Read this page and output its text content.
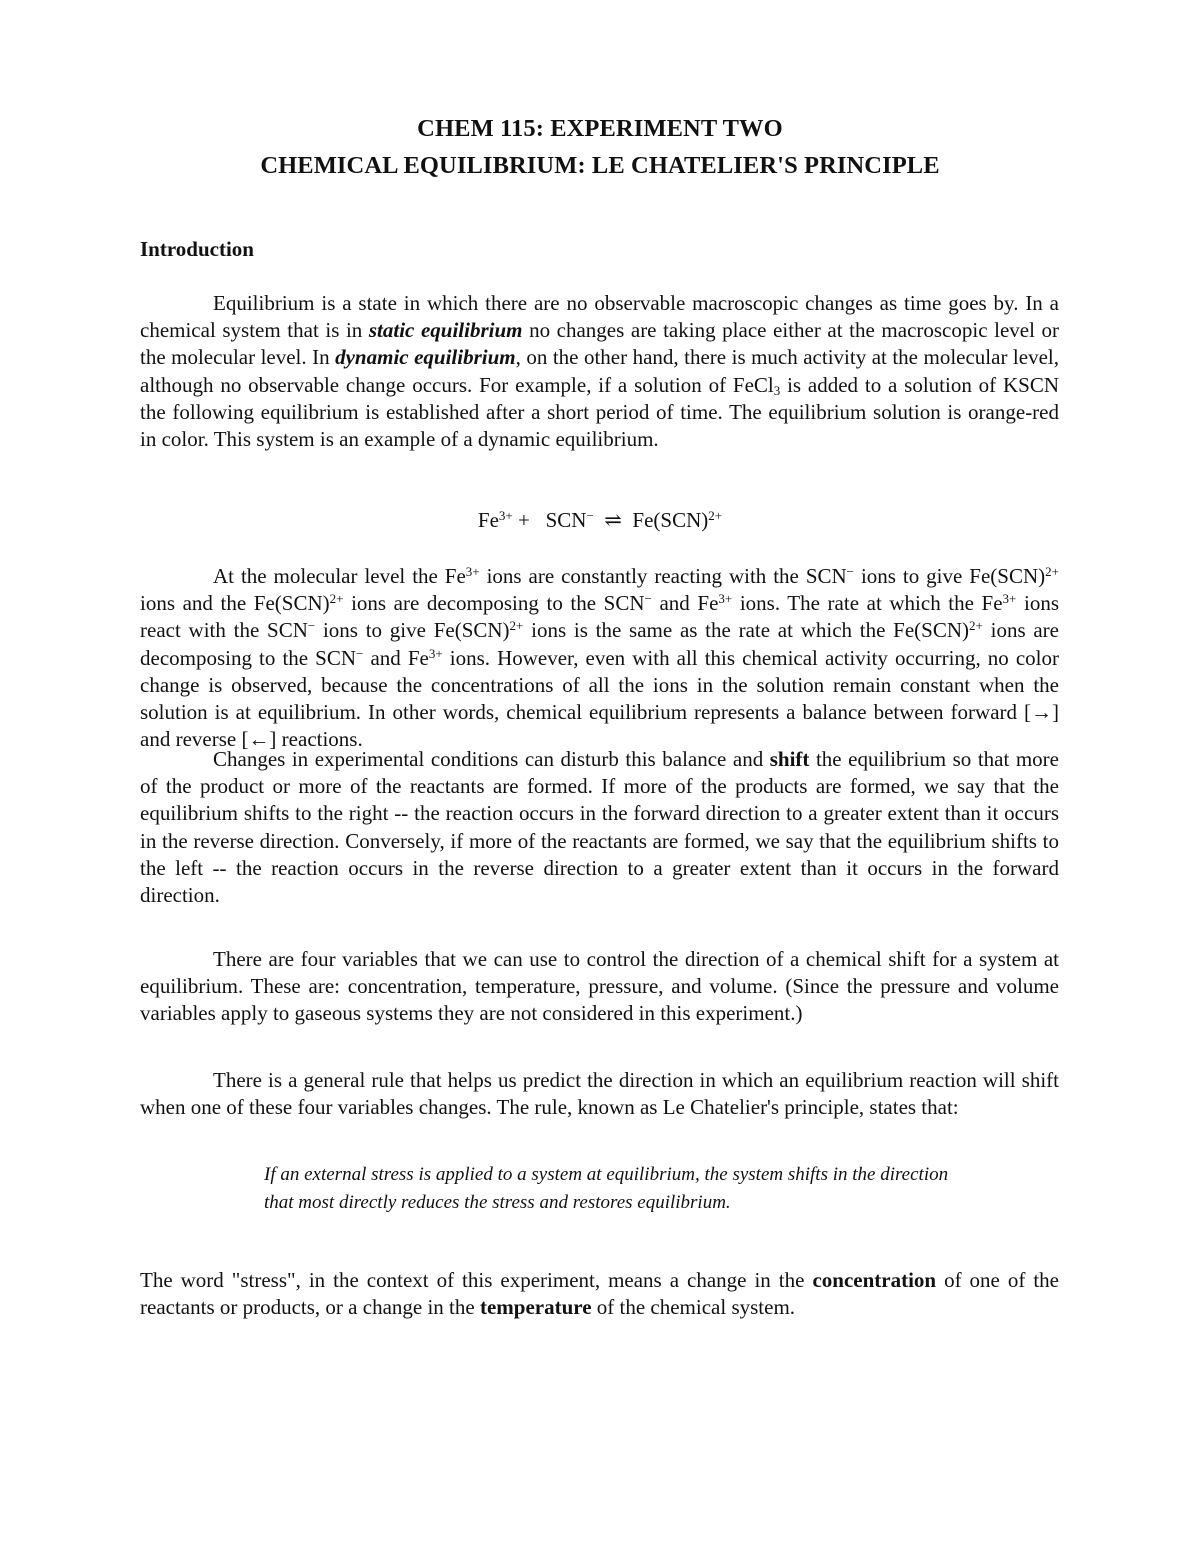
CHEM 115: EXPERIMENT TWO
CHEMICAL EQUILIBRIUM: LE CHATELIER'S PRINCIPLE
Introduction

Equilibrium is a state in which there are no observable macroscopic changes as time goes by. In a chemical system that is in static equilibrium no changes are taking place either at the macroscopic level or the molecular level. In dynamic equilibrium, on the other hand, there is much activity at the molecular level, although no observable change occurs. For example, if a solution of FeCl$_3$ is added to a solution of KSCN the following equilibrium is established after a short period of time. The equilibrium solution is orange-red in color. This system is an example of a dynamic equilibrium.

$Fe^{3+} + SCN^-$  ⇌  Fe(SCN)$^{2+}$

At the molecular level the $Fe^{3+}$ ions are constantly reacting with the SCN− ions to give Fe(SCN)$^{2+}$ ions and the Fe(SCN)$^{2+}$ ions are decomposing to the SCN− and $Fe^{3+}$ ions. The rate at which the $Fe^{3+}$ ions react with the SCN− ions to give Fe(SCN)$^{2+}$ ions is the same as the rate at which the Fe(SCN)$^{2+}$ ions are decomposing to the SCN− and $Fe^{3+}$ ions. However, even with all this chemical activity occurring, no color change is observed, because the concentrations of all the ions in the solution remain constant when the solution is at equilibrium. In other words, chemical equilibrium represents a balance between forward [→] and reverse [←] reactions.

Changes in experimental conditions can disturb this balance and shift the equilibrium so that more of the product or more of the reactants are formed. If more of the products are formed, we say that the equilibrium shifts to the right -- the reaction occurs in the forward direction to a greater extent than it occurs in the reverse direction. Conversely, if more of the reactants are formed, we say that the equilibrium shifts to the left -- the reaction occurs in the reverse direction to a greater extent than it occurs in the forward direction.

There are four variables that we can use to control the direction of a chemical shift for a system at equilibrium. These are: concentration, temperature, pressure, and volume. (Since the pressure and volume variables apply to gaseous systems they are not considered in this experiment.)

There is a general rule that helps us predict the direction in which an equilibrium reaction will shift when one of these four variables changes. The rule, known as Le Chatelier's principle, states that:

If an external stress is applied to a system at equilibrium, the system shifts in the direction that most directly reduces the stress and restores equilibrium.

The word "stress", in the context of this experiment, means a change in the concentration of one of the reactants or products, or a change in the temperature of the chemical system.
